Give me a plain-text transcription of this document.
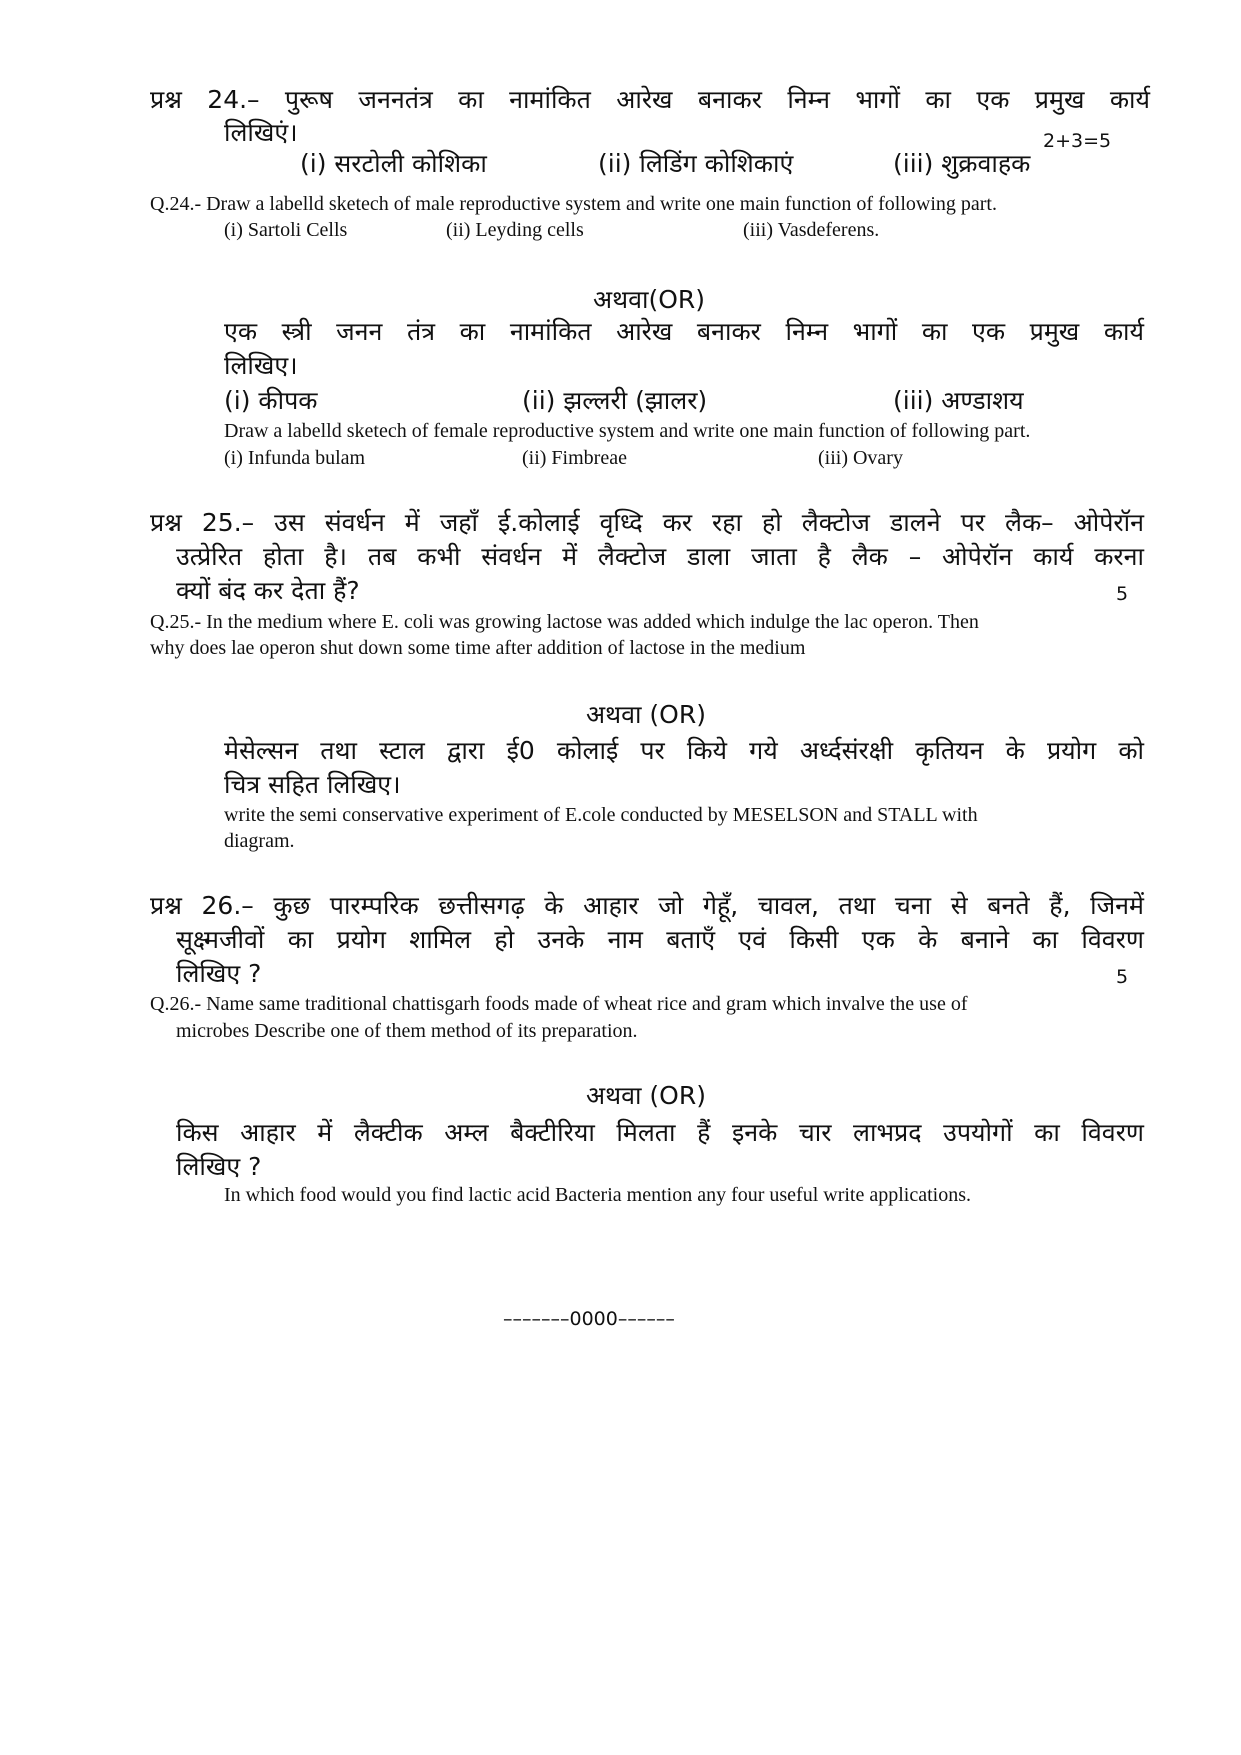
प्रश्न 24.– पुरूष जननतंत्र का नामांकित आरेख बनाकर निम्न भागों का एक प्रमुख कार्य
लिखिएं।	2+3=5
(i) सरटोली कोशिका	(ii) लिडिंग कोशिकाएं	(iii) शुक्रवाहक
Q.24.- Draw a labelld sketech of male reproductive system and write one main function of following part.
(i) Sartoli Cells	(ii) Leyding cells	(iii) Vasdeferens.
अथवा(OR)
एक स्त्री जनन तंत्र का नामांकित आरेख बनाकर निम्न भागों का एक प्रमुख कार्य
लिखिए।
(i) कीपक	(ii) झल्लरी (झालर)	(iii) अण्डाशय
Draw a labelld sketech of female reproductive system and write one main function of following part.
(i) Infunda bulam	(ii) Fimbreae	(iii) Ovary
प्रश्न 25.– उस संवर्धन में जहाँ ई.कोलाई वृध्दि कर रहा हो लैक्टोज डालने पर लैक– ओपेरॉन
उत्प्रेरित होता है। तब कभी संवर्धन में लैक्टोज डाला जाता है लैक – ओपेरॉन कार्य करना
क्यों बंद कर देता हैं?	5
Q.25.- In the medium where E. coli was growing lactose was added which indulge the lac operon. Then
why does lae operon shut down some time after addition of lactose in the medium
अथवा (OR)
मेसेल्सन तथा स्टाल द्वारा ई0 कोलाई पर किये गये अर्ध्दसंरक्षी कृतियन के प्रयोग को
चित्र सहित लिखिए।
write the semi conservative experiment of E.cole conducted by MESELSON and STALL with
diagram.
प्रश्न 26.– कुछ पारम्परिक छत्तीसगढ़ के आहार जो गेहूँ, चावल, तथा चना से बनते हैं, जिनमें
सूक्ष्मजीवों का प्रयोग शामिल हो उनके नाम बताएँ एवं किसी एक के बनाने का विवरण
लिखिए ?	5
Q.26.- Name same traditional chattisgarh foods made of wheat rice and gram which invalve the use of
microbes Describe one of them method of its preparation.
अथवा (OR)
किस आहार में लैक्टीक अम्ल बैक्टीरिया मिलता हैं इनके चार लाभप्रद उपयोगों का विवरण
लिखिए ?
In which food would you find lactic acid Bacteria mention any four useful write applications.
–––––––0000––––––
